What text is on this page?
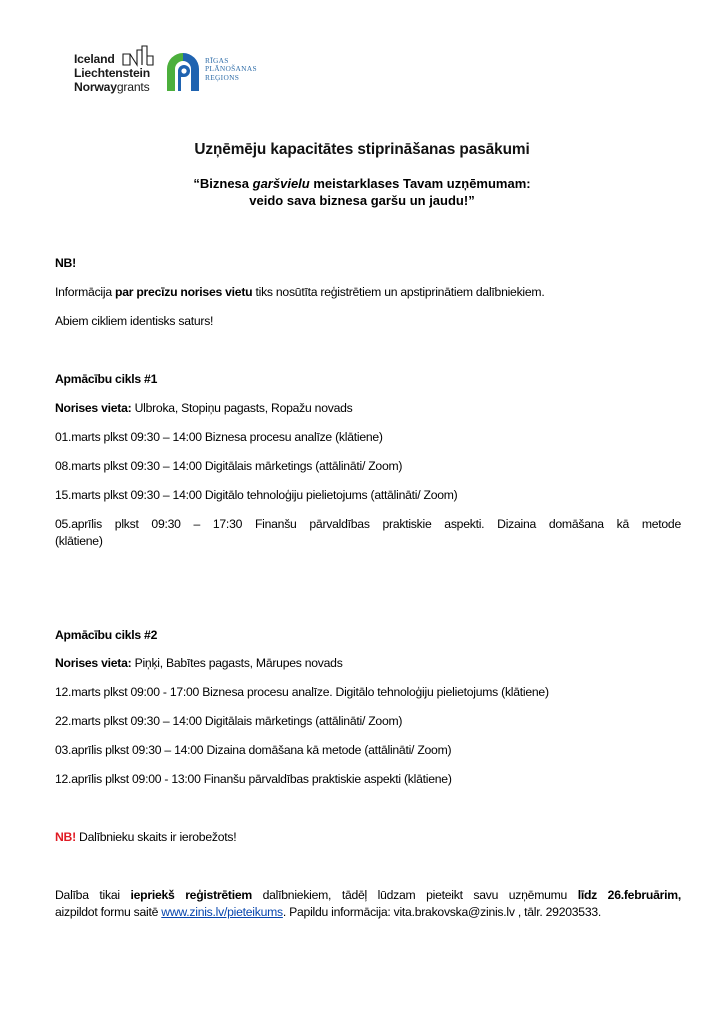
Iceland
Liechtenstein
Norwaygrants
RĪGAS
PLĀNOŠANAS
REĢIONS
Uzņēmēju kapacitātes stiprināšanas pasākumi
“Biznesa garšvielu meistarklases Tavam uzņēmumam:
veido sava biznesa garšu un jaudu!”
NB!
Informācija par precīzu norises vietu tiks nosūtīta reģistrētiem un apstiprinātiem dalībniekiem.
Abiem cikliem identisks saturs!
Apmācību cikls #1
Norises vieta: Ulbroka, Stopiņu pagasts, Ropažu novads
01.marts plkst 09:30 – 14:00 Biznesa procesu analīze (klātiene)
08.marts plkst 09:30 – 14:00 Digitālais mārketings (attālināti/ Zoom)
15.marts plkst 09:30 – 14:00 Digitālo tehnoloģiju pielietojums (attālināti/ Zoom)
05.aprīlis plkst 09:30 – 17:30 Finanšu pārvaldības praktiskie aspekti. Dizaina domāšana kā metode
(klātiene)
Apmācību cikls #2
Norises vieta: Piņķi, Babītes pagasts, Mārupes novads
12.marts plkst 09:00 - 17:00 Biznesa procesu analīze. Digitālo tehnoloģiju pielietojums (klātiene)
22.marts plkst 09:30 – 14:00 Digitālais mārketings (attālināti/ Zoom)
03.aprīlis plkst 09:30 – 14:00 Dizaina domāšana kā metode (attālināti/ Zoom)
12.aprīlis plkst 09:00 - 13:00 Finanšu pārvaldības praktiskie aspekti (klātiene)
NB! Dalībnieku skaits ir ierobežots!
Dalība tikai iepriekš reģistrētiem dalībniekiem, tādēļ lūdzam pieteikt savu uzņēmumu līdz 26.februārim,
aizpildot formu saitē www.zinis.lv/pieteikums. Papildu informācija: vita.brakovska@zinis.lv , tālr. 29203533.
